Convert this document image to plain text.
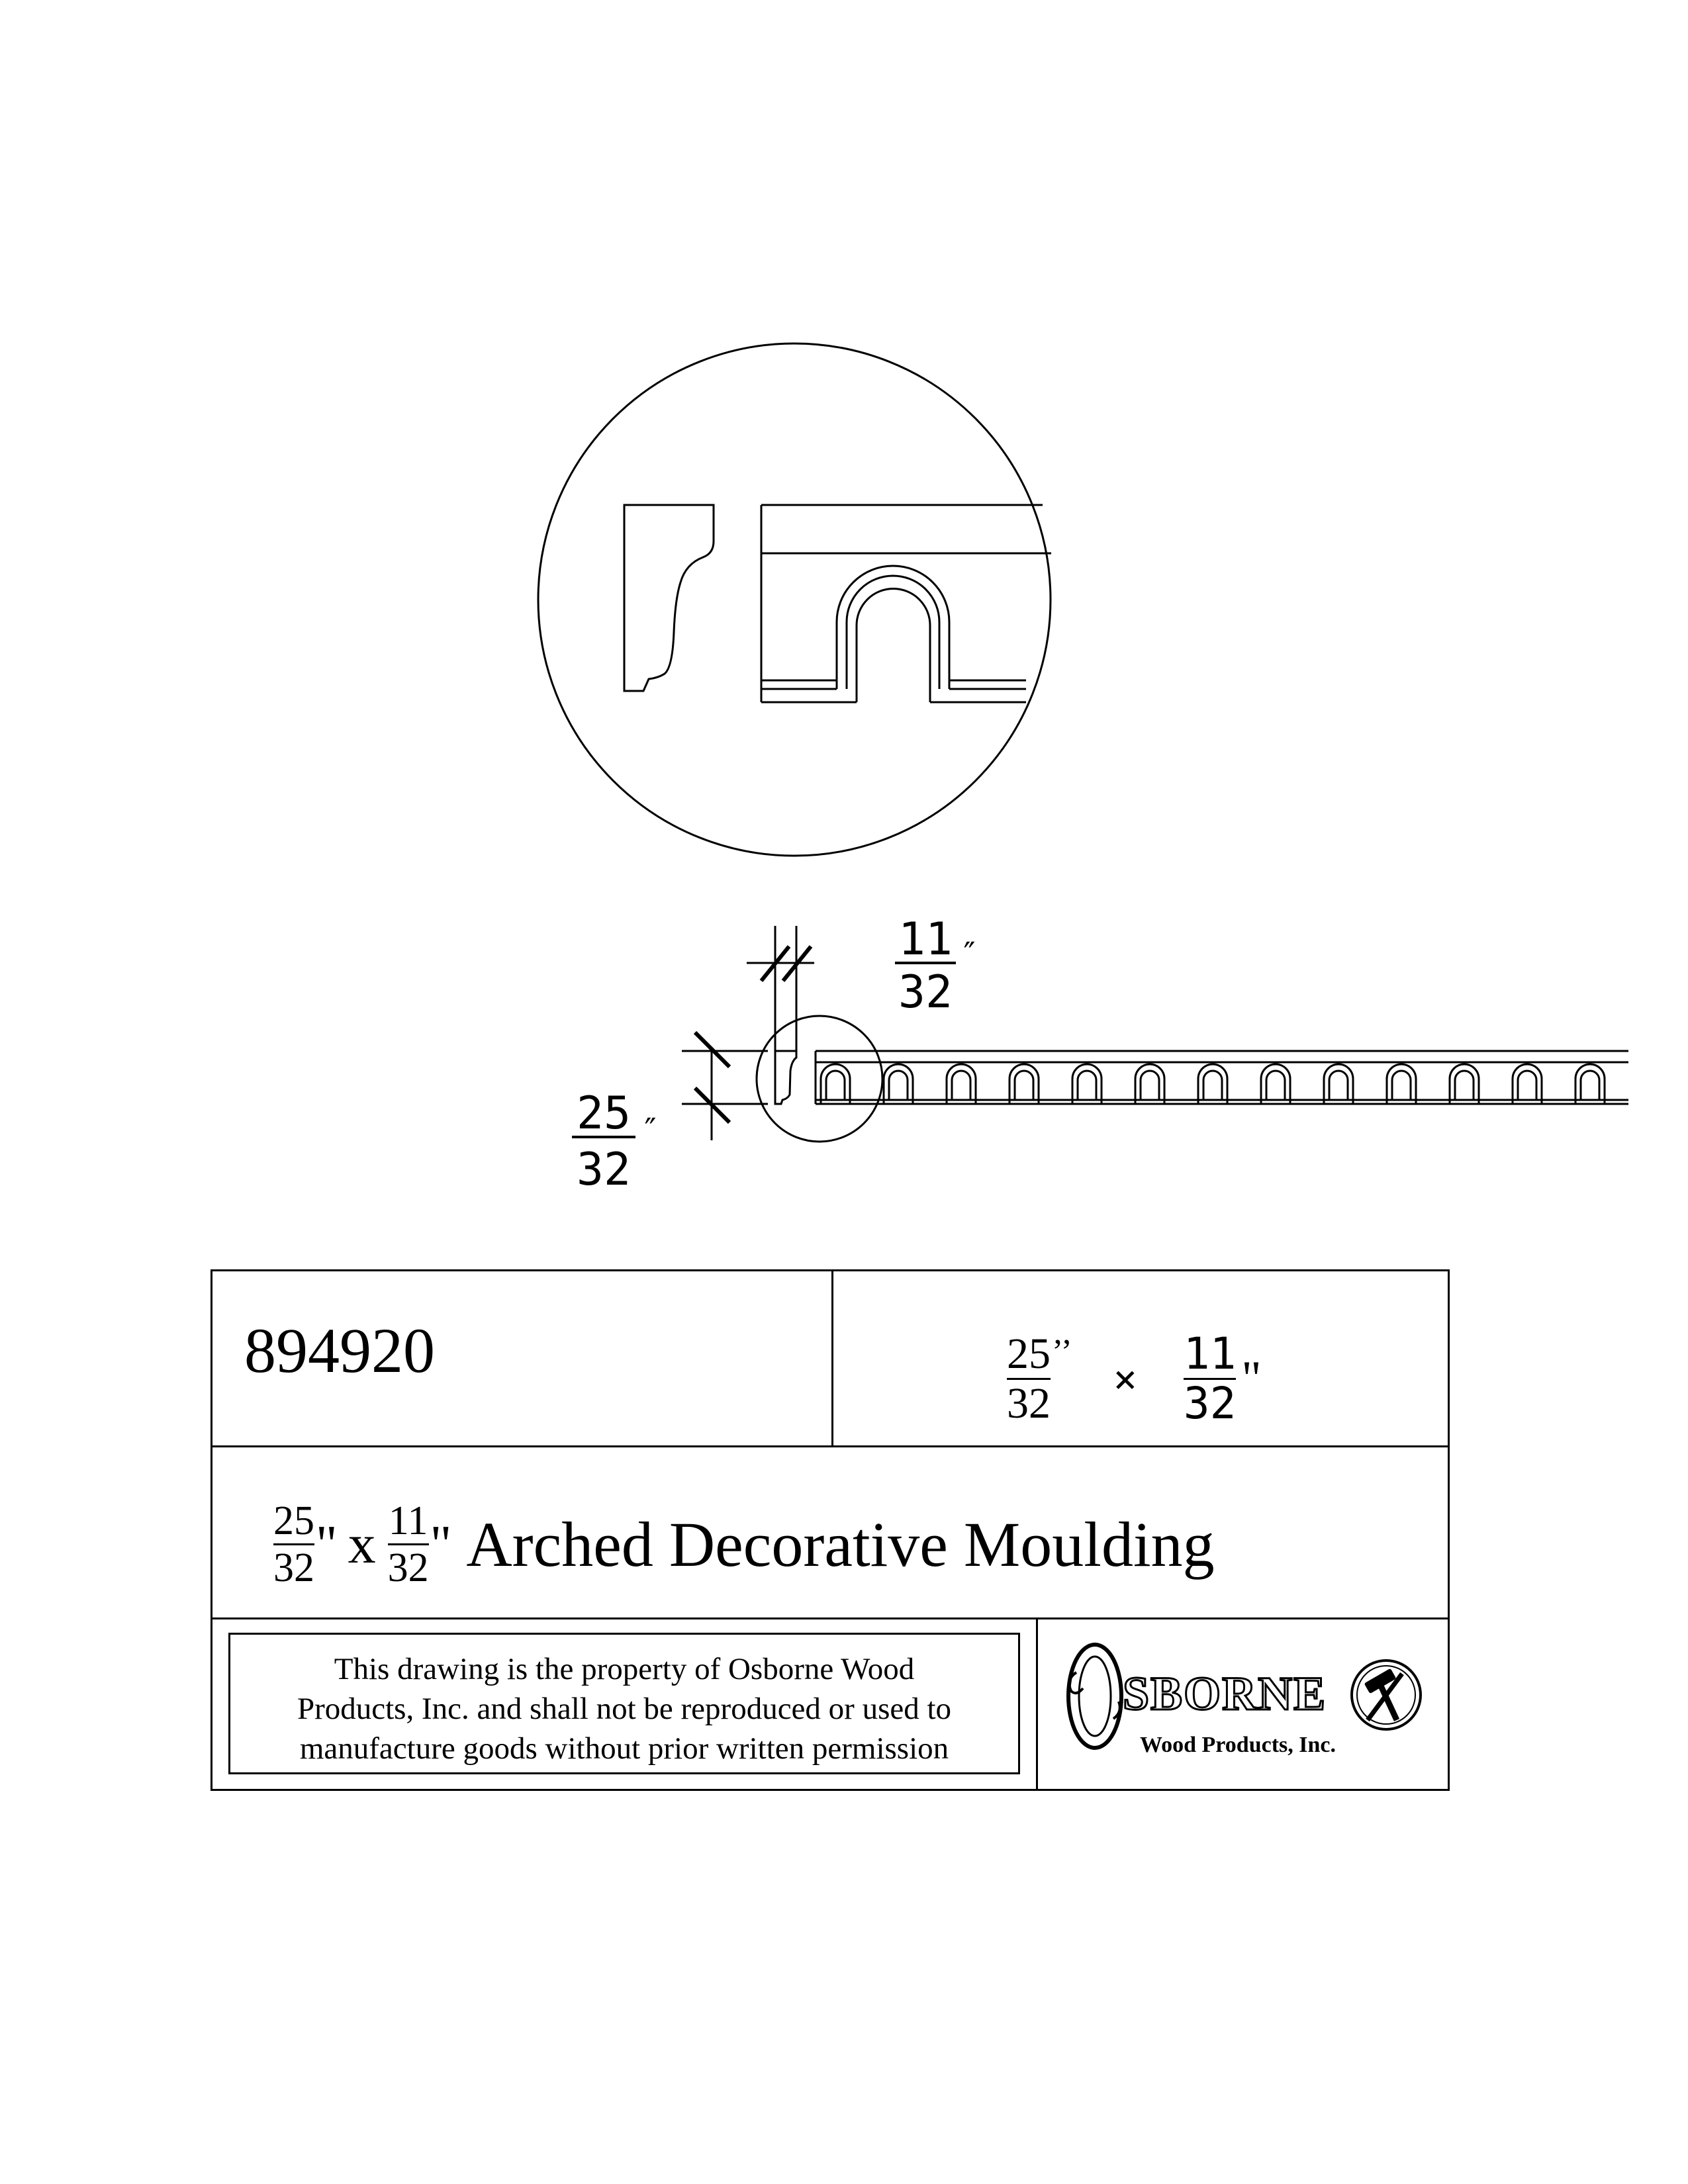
11
32
″
25
32
″
894920	$\frac{25}{32}$ ’’
× $\frac{11}{32}$ "
$\frac{25}{32}$ " x $\frac{11}{32}$ " Arched Decorative Moulding
This drawing is the property of Osborne Wood
Products, Inc. and shall not be reproduced or used to
manufacture goods without prior written permission
SBORNE
Wood Products, Inc.
